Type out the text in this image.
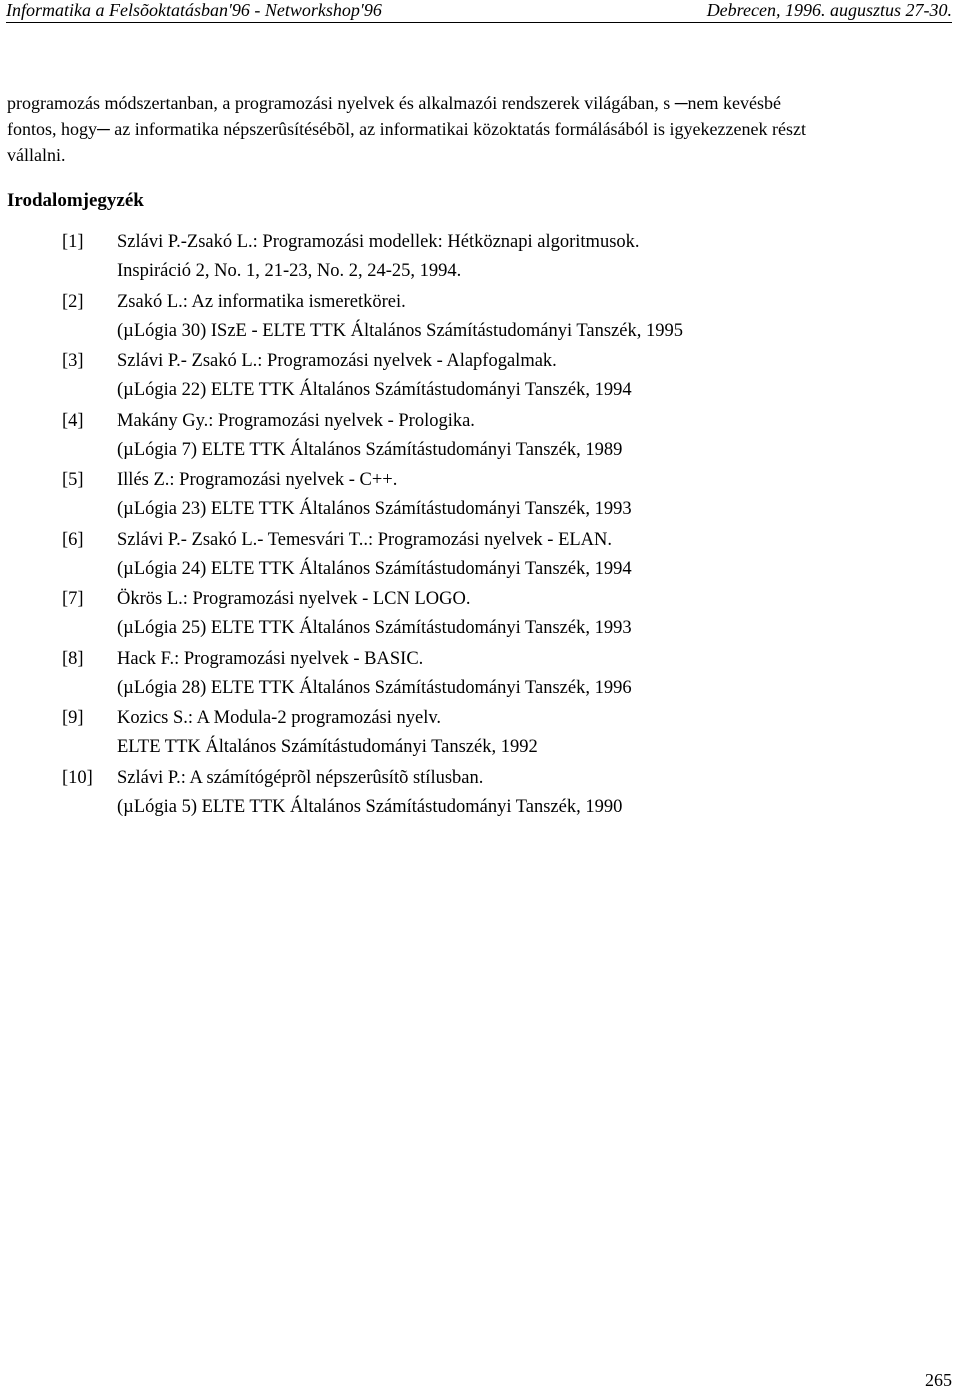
Informatika a Felsõoktatásban′96 - Networkshop′96	Debrecen, 1996. augusztus 27-30.
programozás módszertanban, a programozási nyelvek és alkalmazói rendszerek világában, s ─nem kevésbé
fontos, hogy─ az informatika népszerûsítésébõl, az informatikai közoktatás formálásából is igyekezzenek részt
vállalni.
Irodalomjegyzék
[1]	Szlávi P.-Zsakó L.: Programozási modellek: Hétköznapi algoritmusok.
Inspiráció 2, No. 1, 21-23, No. 2, 24-25, 1994.
[2]	Zsakó L.: Az informatika ismeretkörei.
(µLógia 30) ISzE - ELTE TTK Általános Számítástudományi Tanszék, 1995
[3]	Szlávi P.- Zsakó L.: Programozási nyelvek - Alapfogalmak.
(µLógia 22) ELTE TTK Általános Számítástudományi Tanszék, 1994
[4]	Makány Gy.: Programozási nyelvek - Prologika.
(µLógia 7) ELTE TTK Általános Számítástudományi Tanszék, 1989
[5]	Illés Z.: Programozási nyelvek - C++.
(µLógia 23) ELTE TTK Általános Számítástudományi Tanszék, 1993
[6]	Szlávi P.- Zsakó L.- Temesvári T..: Programozási nyelvek - ELAN.
(µLógia 24) ELTE TTK Általános Számítástudományi Tanszék, 1994
[7]	Ökrös L.: Programozási nyelvek - LCN LOGO.
(µLógia 25) ELTE TTK Általános Számítástudományi Tanszék, 1993
[8]	Hack F.: Programozási nyelvek - BASIC.
(µLógia 28) ELTE TTK Általános Számítástudományi Tanszék, 1996
[9]	Kozics S.: A Modula-2 programozási nyelv.
ELTE TTK Általános Számítástudományi Tanszék, 1992
[10]	Szlávi P.: A számítógéprõl népszerûsítõ stílusban.
(µLógia 5) ELTE TTK Általános Számítástudományi Tanszék, 1990
265
